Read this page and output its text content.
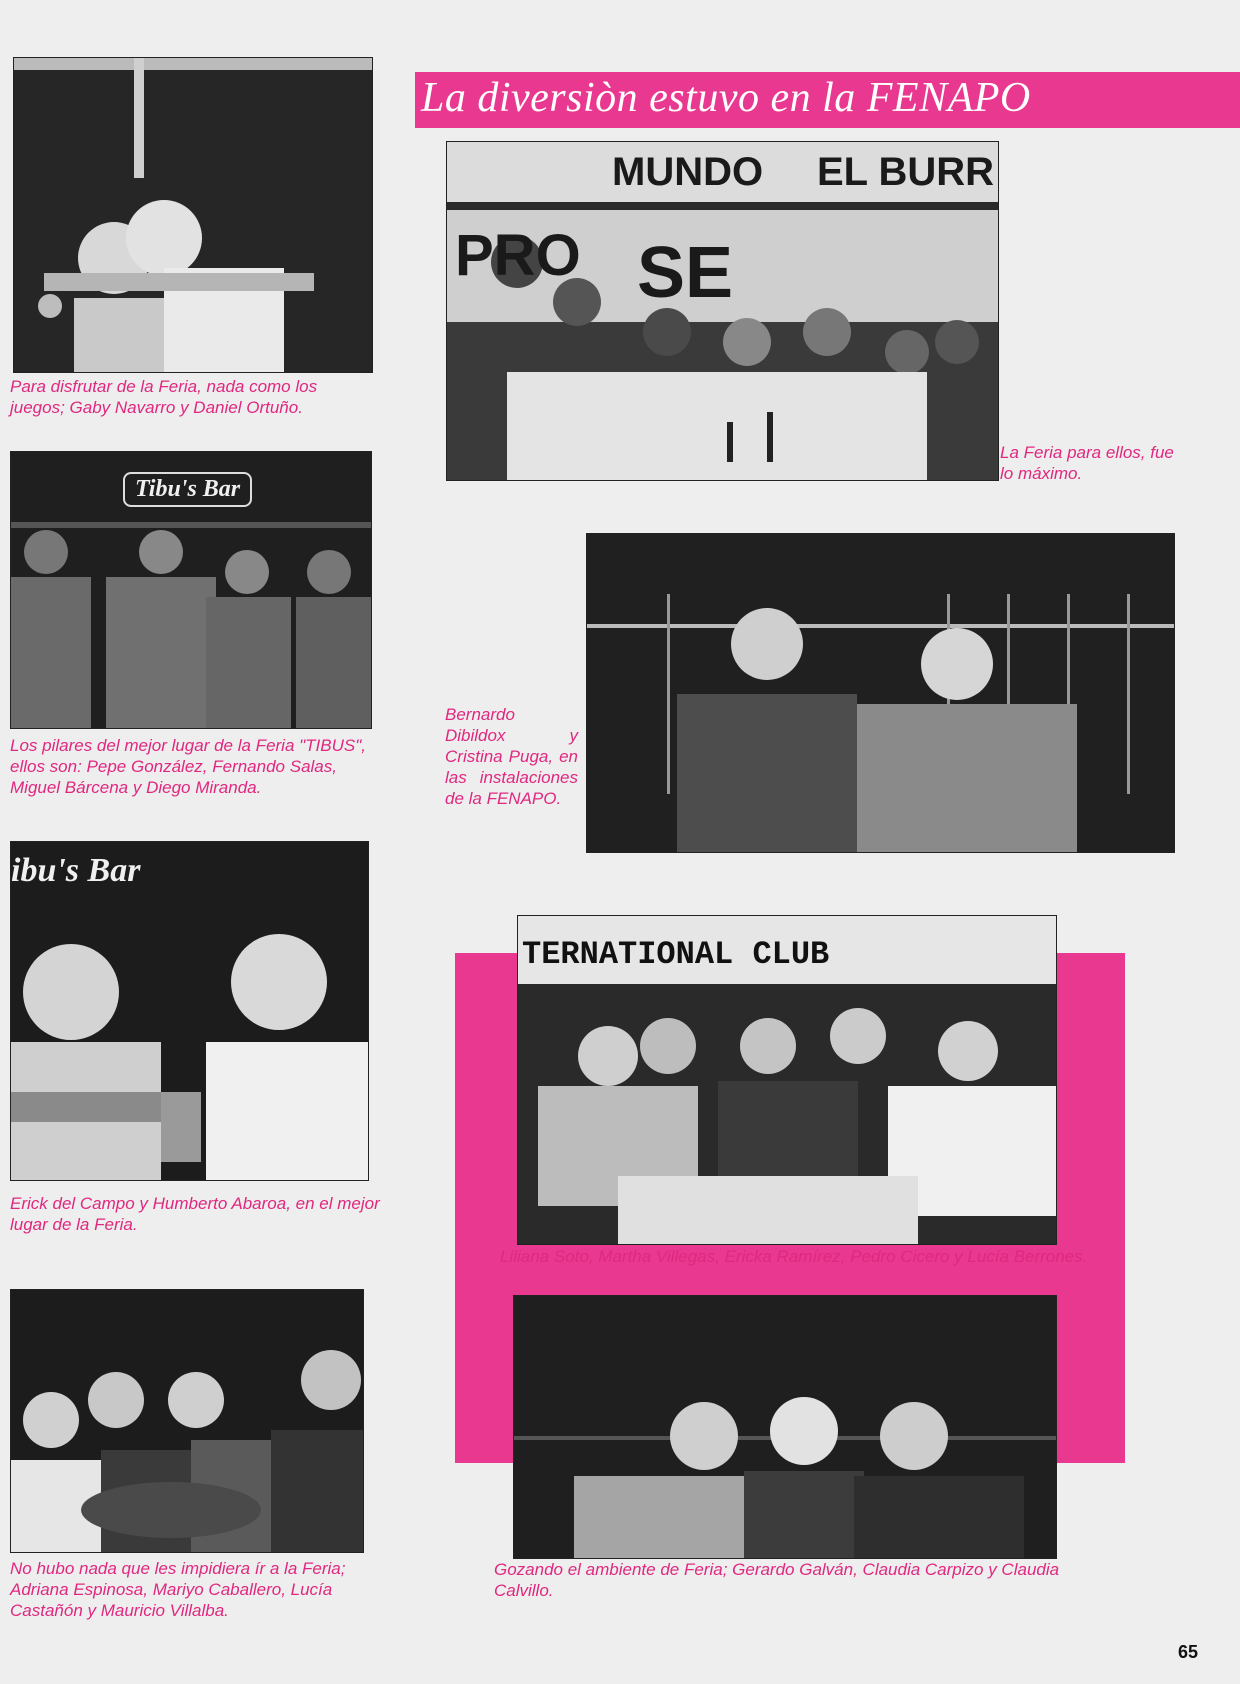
La diversiòn estuvo en la FENAPO
Para disfrutar de la Feria, nada como los juegos; Gaby Navarro y Daniel Ortuño.
MUNDO EL BURR
PRO SE
La Feria para ellos, fue lo máximo.
Tibu's Bar
Los pilares del mejor lugar de la Feria "TIBUS", ellos son: Pepe González, Fernando Salas, Miguel Bárcena y Diego Miranda.
Bernardo Dibildox y Cristina Puga, en las instalaciones de la FENAPO.
ibu's Bar
Erick del Campo y Humberto Abaroa, en el mejor lugar de la Feria.
TERNATIONAL CLUB
Liliana Soto, Martha Villegas, Ericka Ramírez, Pedro Cicero y Lucía Berrones.
No hubo nada que les impidiera ír a la Feria; Adriana Espinosa, Mariyo Caballero, Lucía Castañón y Mauricio Villalba.
Gozando el ambiente de Feria; Gerardo Galván, Claudia Carpizo y Claudia Calvillo.
65
